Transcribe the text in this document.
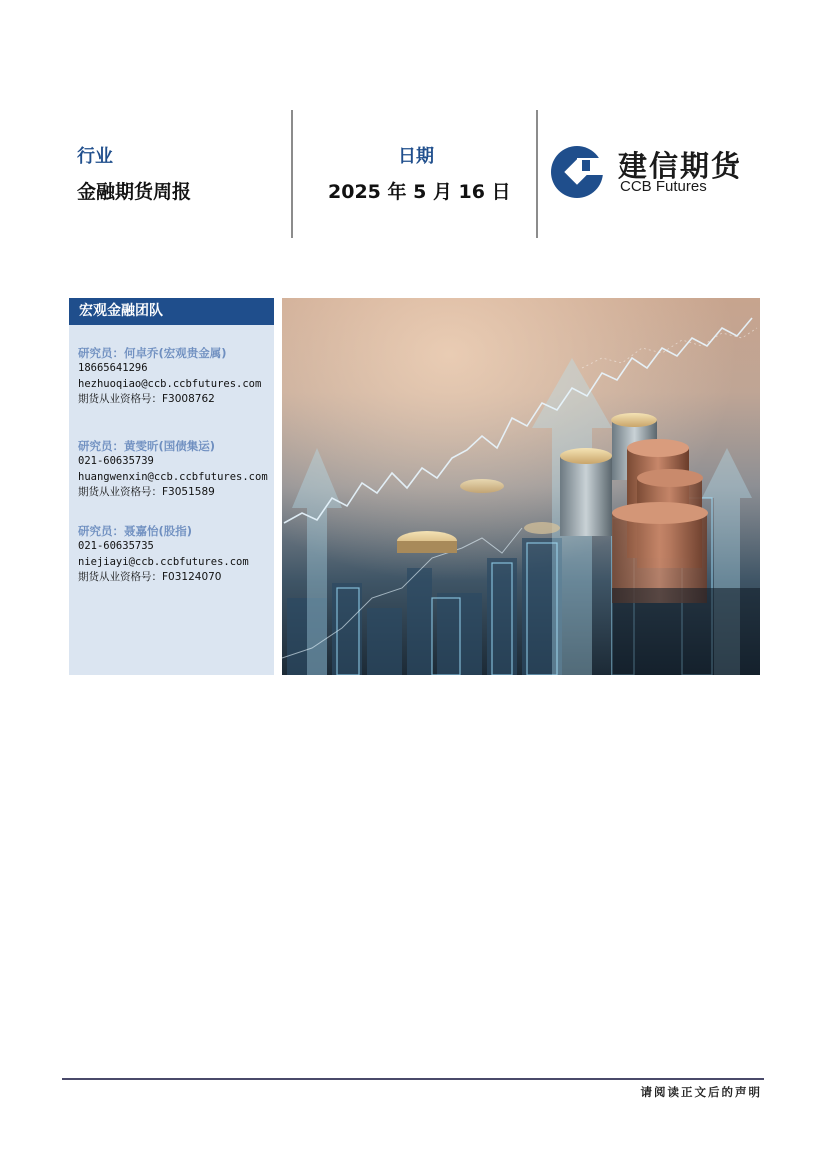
行业
金融期货周报
日期
2025 年 5 月 16 日
建信期货
CCB Futures
宏观金融团队
研究员：何卓乔(宏观贵金属)
18665641296
hezhuoqiao@ccb.ccbfutures.com
期货从业资格号：F3008762
研究员：黄雯昕(国债集运)
021-60635739
huangwenxin@ccb.ccbfutures.com
期货从业资格号：F3051589
研究员：聂嘉怡(股指)
021-60635735
niejiayi@ccb.ccbfutures.com
期货从业资格号：F03124070
请阅读正文后的声明
